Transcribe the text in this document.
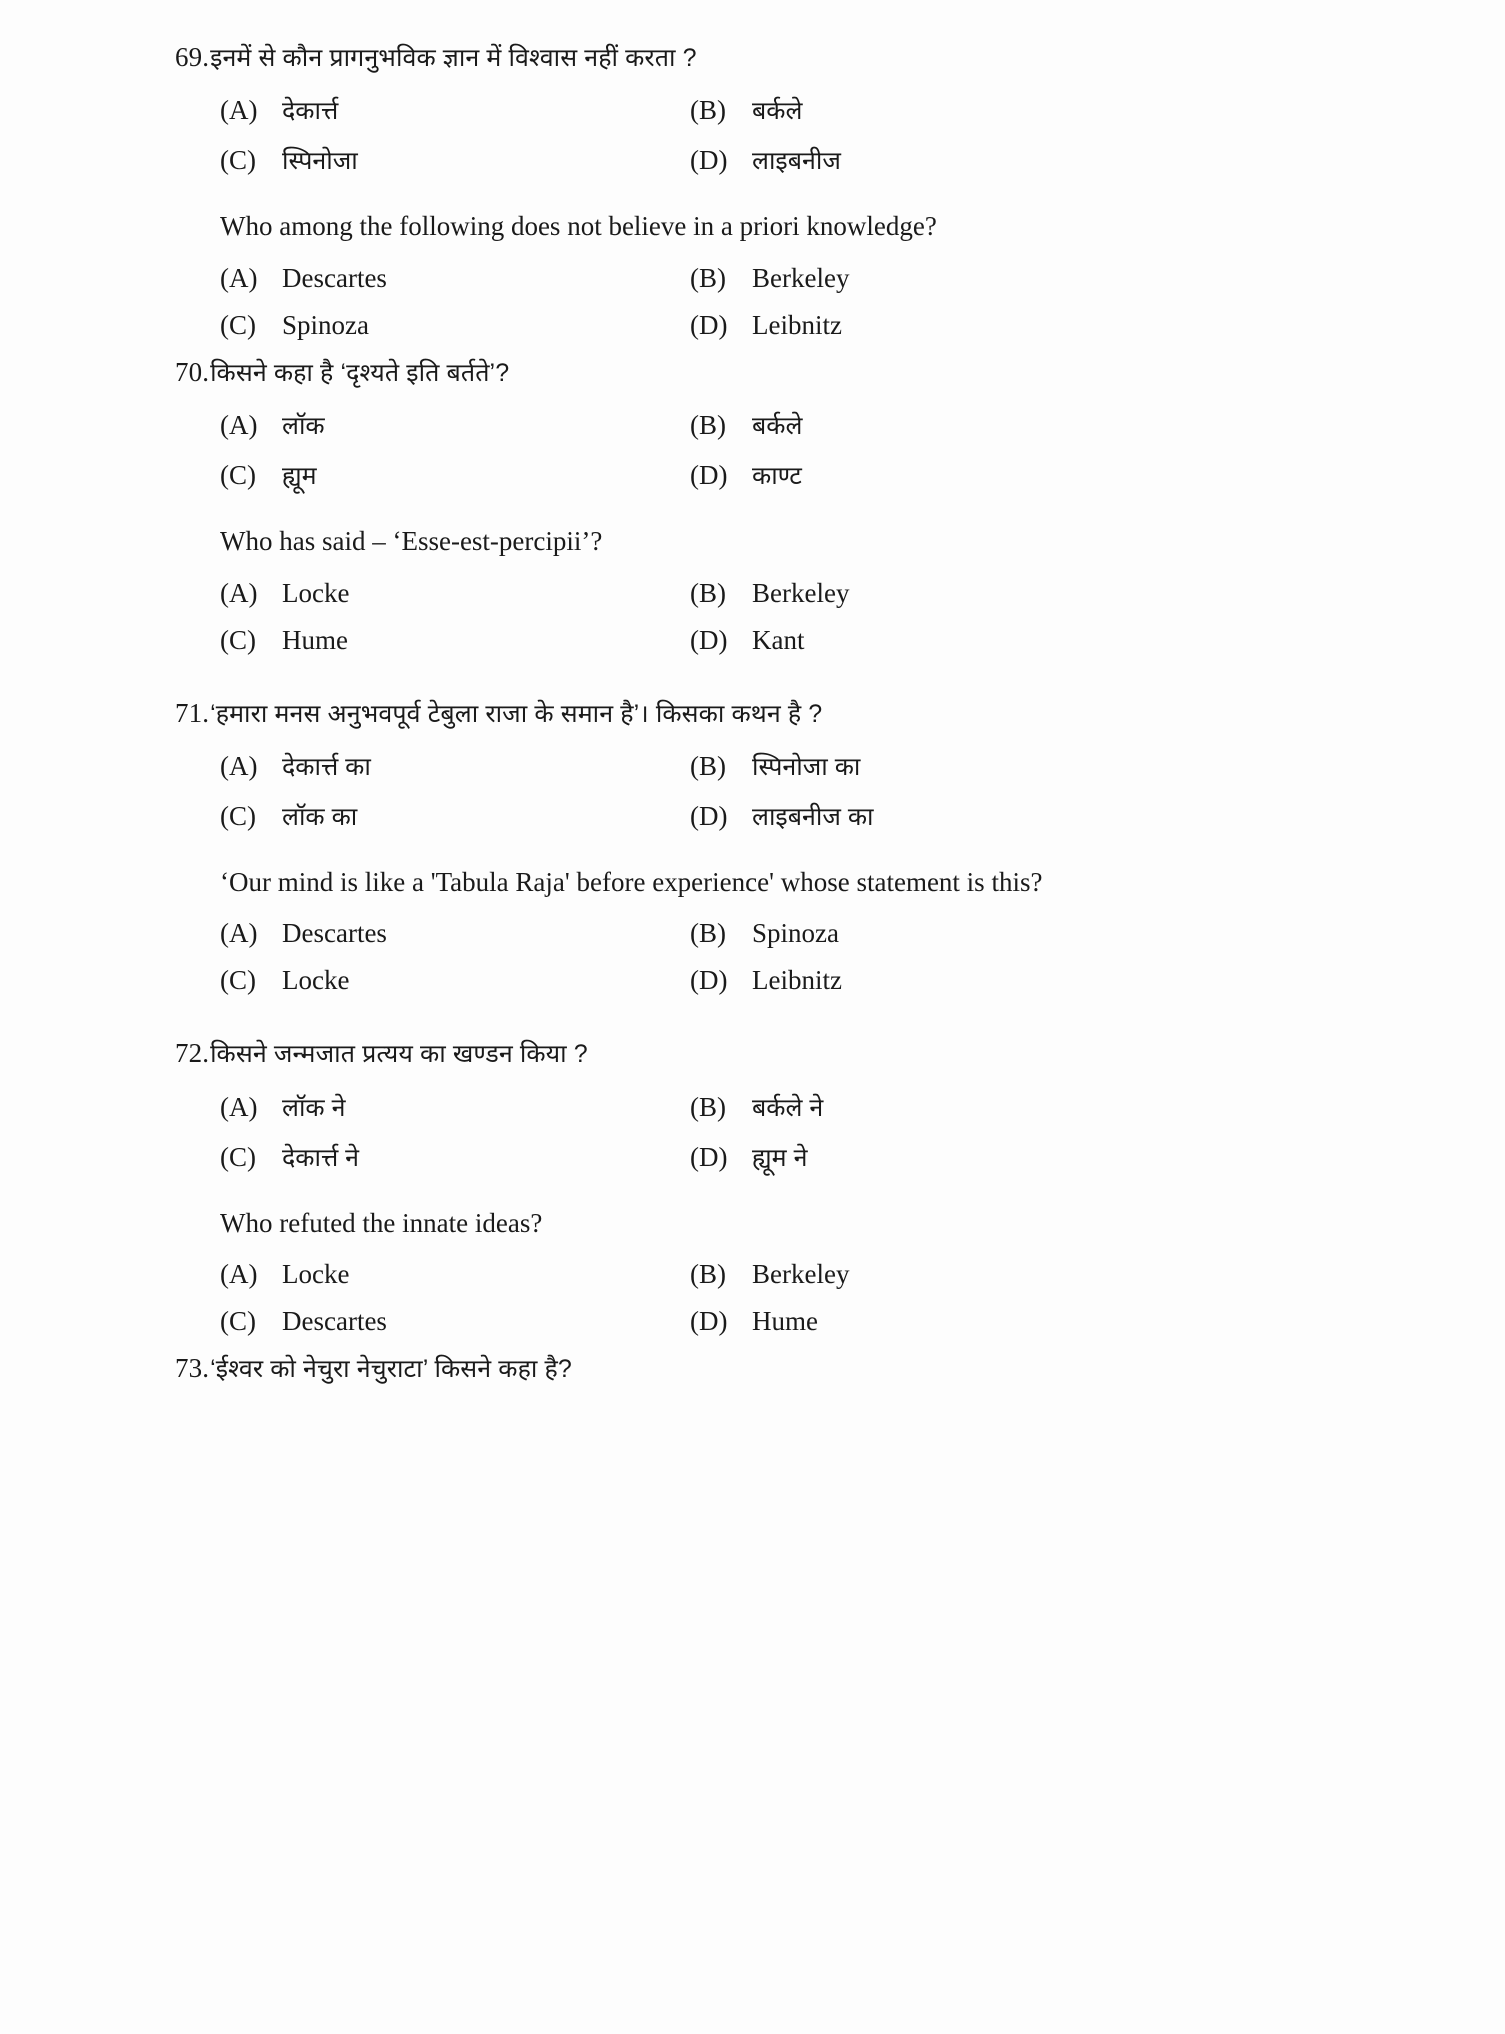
69. इनमें से कौन प्रागनुभविक ज्ञान में विश्वास नहीं करता ?
(A) देकार्त्त	(B)	बर्कले
(C)	स्पिनोजा	(D) लाइबनीज
Who among the following does not believe in a priori knowledge?
(A) Descartes	(B) Berkeley
(C) Spinoza	(D) Leibnitz
70. किसने कहा है ‘दृश्यते इति बर्तते’?
(A) लॉक	(B)	बर्कले
(C)	ह्यूम	(D) काण्ट
Who has said – ‘Esse-est-percipii’?
(A) Locke	(B) Berkeley
(C) Hume	(D) Kant
71. ‘हमारा मनस अनुभवपूर्व टेबुला राजा के समान है’। किसका कथन है ?
(A) देकार्त्त का	(B)	स्पिनोजा का
(C)	लॉक का	(D) लाइबनीज का
‘Our mind is like a 'Tabula Raja' before experience' whose statement is this?
(A) Descartes	(B) Spinoza
(C) Locke	(D) Leibnitz
72. किसने जन्मजात प्रत्यय का खण्डन किया ?
(A) लॉक ने	(B)	बर्कले ने
(C)	देकार्त्त ने	(D) ह्यूम ने
Who refuted the innate ideas?
(A) Locke	(B) Berkeley
(C) Descartes	(D) Hume
73. ‘ईश्वर को नेचुरा नेचुराटा’ किसने कहा है?
